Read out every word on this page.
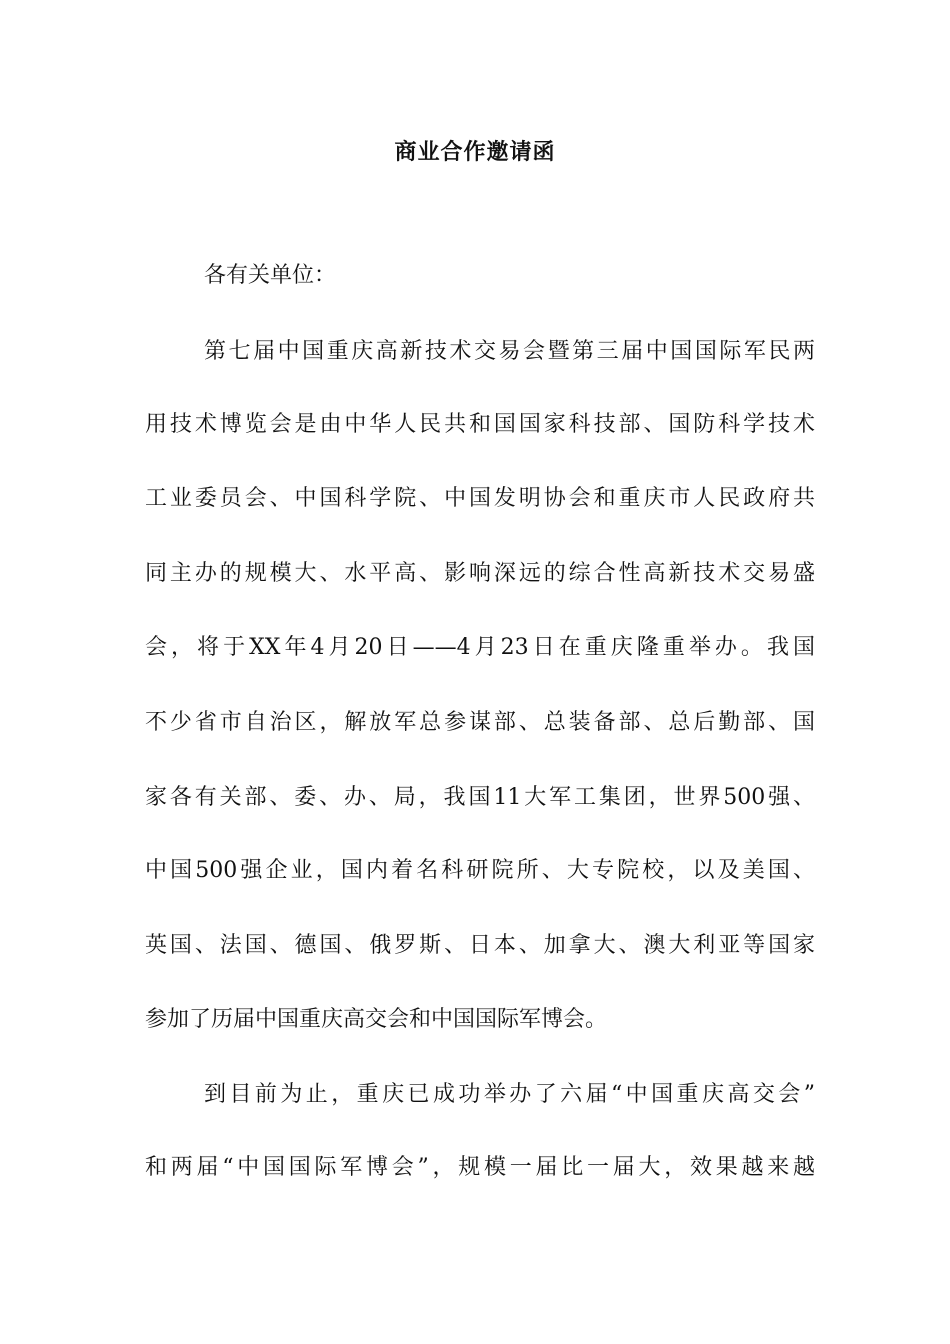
商业合作邀请函
各有关单位：
第七届中国重庆高新技术交易会暨第三届中国国际军民两
用技术博览会是由中华人民共和国国家科技部、国防科学技术
工业委员会、中国科学院、中国发明协会和重庆市人民政府共
同主办的规模大、水平高、影响深远的综合性高新技术交易盛
会，将于XX年4月20日——4月23日在重庆隆重举办。我国
不少省市自治区，解放军总参谋部、总装备部、总后勤部、国
家各有关部、委、办、局，我国11大军工集团，世界500强、
中国500强企业，国内着名科研院所、大专院校，以及美国、
英国、法国、德国、俄罗斯、日本、加拿大、澳大利亚等国家
参加了历届中国重庆高交会和中国国际军博会。
到目前为止，重庆已成功举办了六届“中国重庆高交会”
和两届“中国国际军博会”，规模一届比一届大，效果越来越
